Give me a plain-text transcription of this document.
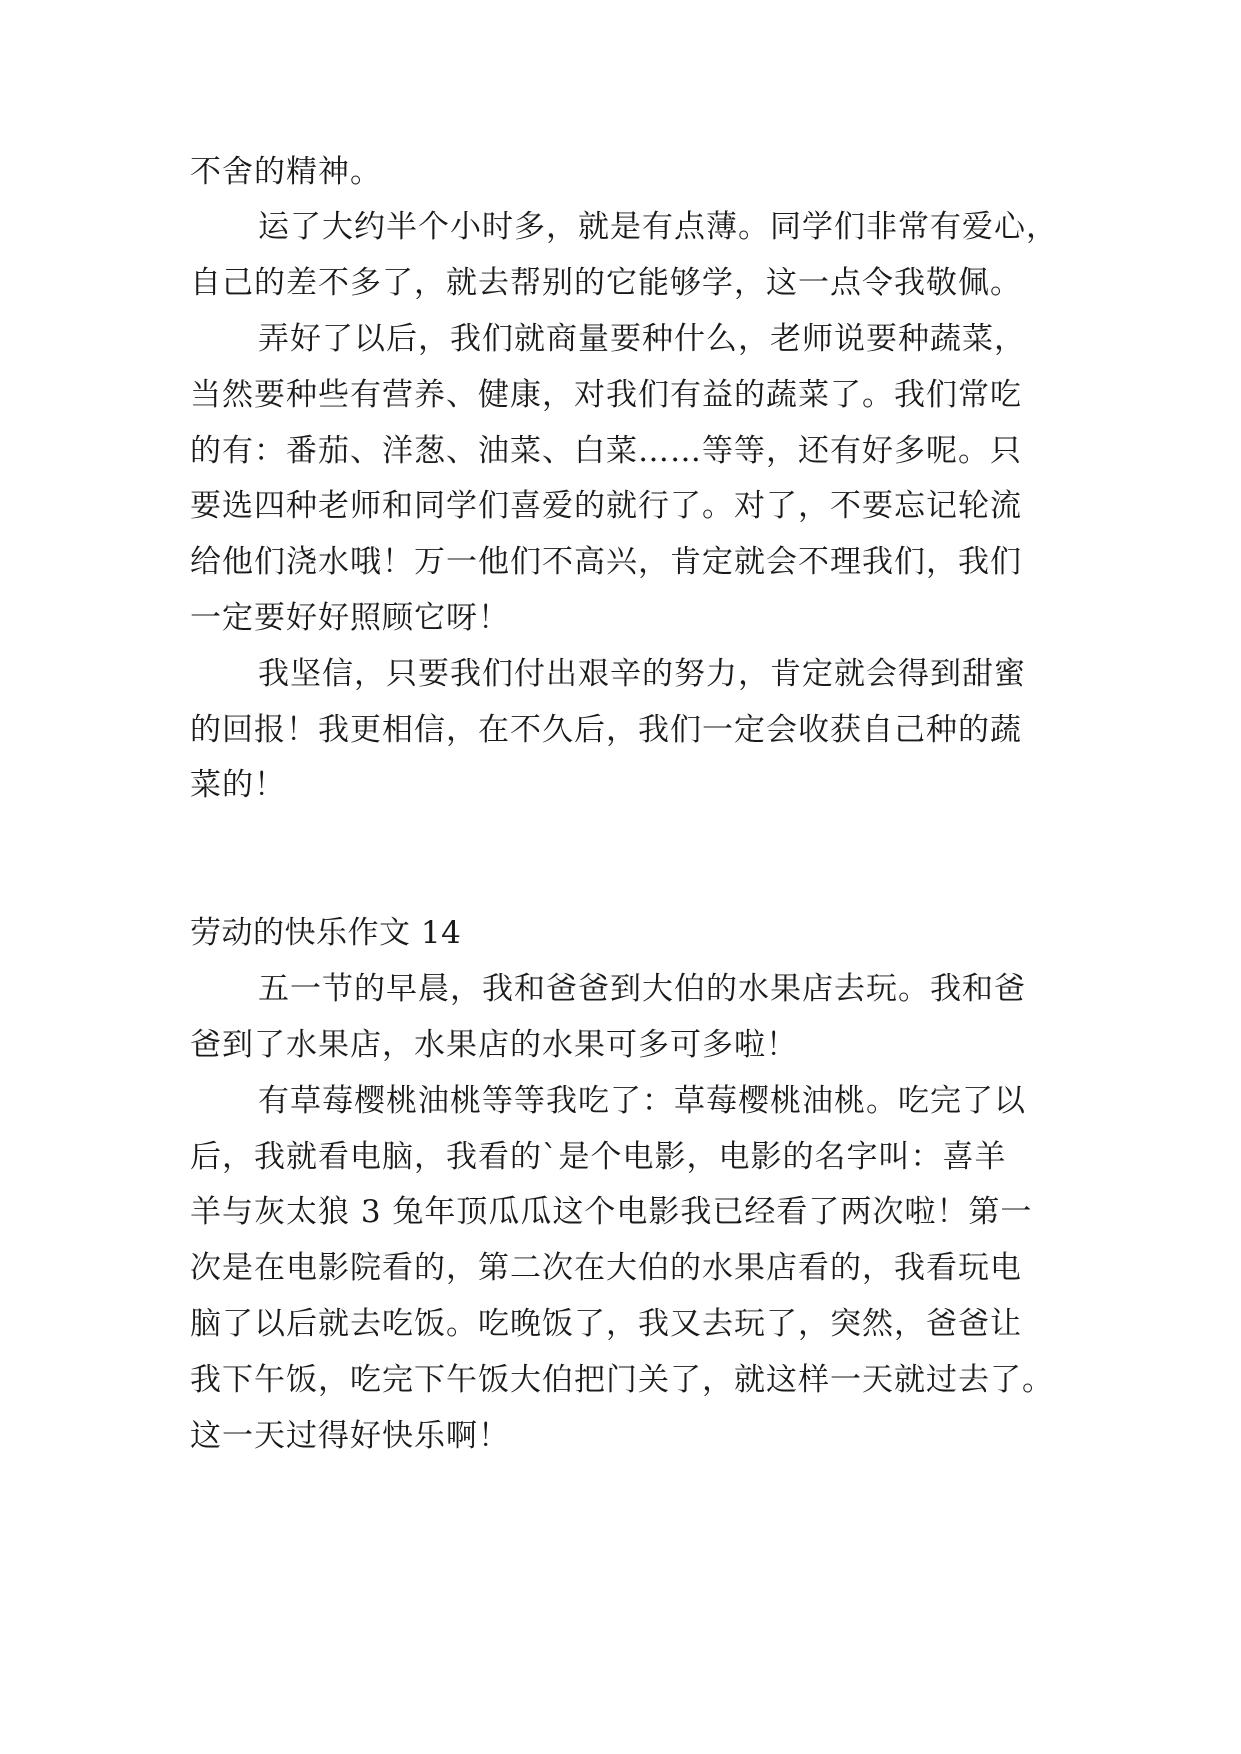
不舍的精神。
运了大约半个小时多，就是有点薄。同学们非常有爱心，
自己的差不多了，就去帮别的它能够学，这一点令我敬佩。
弄好了以后，我们就商量要种什么，老师说要种蔬菜，
当然要种些有营养、健康，对我们有益的蔬菜了。我们常吃
的有：番茄、洋葱、油菜、白菜……等等，还有好多呢。只
要选四种老师和同学们喜爱的就行了。对了，不要忘记轮流
给他们浇水哦！万一他们不高兴，肯定就会不理我们，我们
一定要好好照顾它呀！
我坚信，只要我们付出艰辛的努力，肯定就会得到甜蜜
的回报！我更相信，在不久后，我们一定会收获自己种的蔬
菜的！
劳动的快乐作文 14
五一节的早晨，我和爸爸到大伯的水果店去玩。我和爸
爸到了水果店，水果店的水果可多可多啦！
有草莓樱桃油桃等等我吃了：草莓樱桃油桃。吃完了以
后，我就看电脑，我看的`是个电影，电影的名字叫：喜羊
羊与灰太狼 3 兔年顶瓜瓜这个电影我已经看了两次啦！第一
次是在电影院看的，第二次在大伯的水果店看的，我看玩电
脑了以后就去吃饭。吃晚饭了，我又去玩了，突然，爸爸让
我下午饭，吃完下午饭大伯把门关了，就这样一天就过去了。
这一天过得好快乐啊！
